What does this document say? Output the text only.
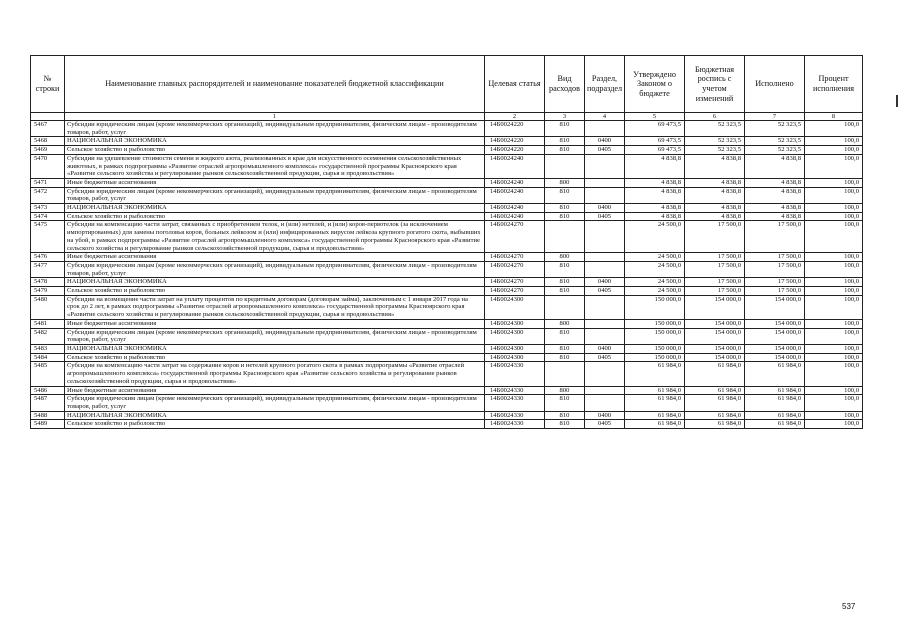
№ строки	Наименование главных распорядителей и наименование показателей бюджетной классификации	Целевая статья	Вид расходов	Раздел, подраздел	Утверждено Законом о бюджете	Бюджетная роспись с учетом изменений	Исполнено	Процент исполнения
	1	2	3	4	5	6	7	8
5467	Субсидии юридическим лицам (кроме некоммерческих организаций), индивидуальным предпринимателям, физическим лицам - производителям товаров, работ, услуг	14Б0024220	810		69 473,5	52 323,5	52 323,5	100,0
5468	НАЦИОНАЛЬНАЯ ЭКОНОМИКА	14Б0024220	810	0400	69 473,5	52 323,5	52 323,5	100,0
5469	Сельское хозяйство и рыболовство	14Б0024220	810	0405	69 473,5	52 323,5	52 323,5	100,0
5470	Субсидии на удешевление стоимости семени и жидкого азота, реализованных в крае для искусственного осеменения сельскохозяйственных животных, в рамках подпрограммы «Развитие отраслей агропромышленного комплекса» государственной программы Красноярского края «Развитие сельского хозяйства и регулирование рынков сельскохозяйственной продукции, сырья и продовольствия»	14Б0024240			4 838,8	4 838,8	4 838,8	100,0
5471	Иные бюджетные ассигнования	14Б0024240	800		4 838,8	4 838,8	4 838,8	100,0
5472	Субсидии юридическим лицам (кроме некоммерческих организаций), индивидуальным предпринимателям, физическим лицам - производителям товаров, работ, услуг	14Б0024240	810		4 838,8	4 838,8	4 838,8	100,0
5473	НАЦИОНАЛЬНАЯ ЭКОНОМИКА	14Б0024240	810	0400	4 838,8	4 838,8	4 838,8	100,0
5474	Сельское хозяйство и рыболовство	14Б0024240	810	0405	4 838,8	4 838,8	4 838,8	100,0
5475	Субсидии на компенсацию части затрат, связанных с приобретением телок, и (или) нетелей, и (или) коров-первотелок (за исключением импортированных) для замены поголовья коров, больных лейкозом и (или) инфицированных вирусом лейкоза крупного рогатого скота, выбывших на убой, в рамках подпрограммы «Развитие отраслей агропромышленного комплекса» государственной программы Красноярского края «Развитие сельского хозяйства и регулирование рынков сельскохозяйственной продукции, сырья и продовольствия»	14Б0024270			24 500,0	17 500,0	17 500,0	100,0
5476	Иные бюджетные ассигнования	14Б0024270	800		24 500,0	17 500,0	17 500,0	100,0
5477	Субсидии юридическим лицам (кроме некоммерческих организаций), индивидуальным предпринимателям, физическим лицам - производителям товаров, работ, услуг	14Б0024270	810		24 500,0	17 500,0	17 500,0	100,0
5478	НАЦИОНАЛЬНАЯ ЭКОНОМИКА	14Б0024270	810	0400	24 500,0	17 500,0	17 500,0	100,0
5479	Сельское хозяйство и рыболовство	14Б0024270	810	0405	24 500,0	17 500,0	17 500,0	100,0
5480	Субсидии на возмещение части затрат на уплату процентов по кредитным договорам (договорам займа), заключенным с 1 января 2017 года на срок до 2 лет, в рамках подпрограммы «Развитие отраслей агропромышленного комплекса» государственной программы Красноярского края «Развитие сельского хозяйства и регулирование рынков сельскохозяйственной продукции, сырья и продовольствия»	14Б0024300			150 000,0	154 000,0	154 000,0	100,0
5481	Иные бюджетные ассигнования	14Б0024300	800		150 000,0	154 000,0	154 000,0	100,0
5482	Субсидии юридическим лицам (кроме некоммерческих организаций), индивидуальным предпринимателям, физическим лицам - производителям товаров, работ, услуг	14Б0024300	810		150 000,0	154 000,0	154 000,0	100,0
5483	НАЦИОНАЛЬНАЯ ЭКОНОМИКА	14Б0024300	810	0400	150 000,0	154 000,0	154 000,0	100,0
5484	Сельское хозяйство и рыболовство	14Б0024300	810	0405	150 000,0	154 000,0	154 000,0	100,0
5485	Субсидии на компенсацию части затрат на содержание коров и нетелей крупного рогатого скота в рамках подпрограммы «Развитие отраслей агропромышленного комплекса» государственной программы Красноярского края «Развитие сельского хозяйства и регулирование рынков сельскохозяйственной продукции, сырья и продовольствия»	14Б0024330			61 984,0	61 984,0	61 984,0	100,0
5486	Иные бюджетные ассигнования	14Б0024330	800		61 984,0	61 984,0	61 984,0	100,0
5487	Субсидии юридическим лицам (кроме некоммерческих организаций), индивидуальным предпринимателям, физическим лицам - производителям товаров, работ, услуг	14Б0024330	810		61 984,0	61 984,0	61 984,0	100,0
5488	НАЦИОНАЛЬНАЯ ЭКОНОМИКА	14Б0024330	810	0400	61 984,0	61 984,0	61 984,0	100,0
5489	Сельское хозяйство и рыболовство	14Б0024330	810	0405	61 984,0	61 984,0	61 984,0	100,0
537
